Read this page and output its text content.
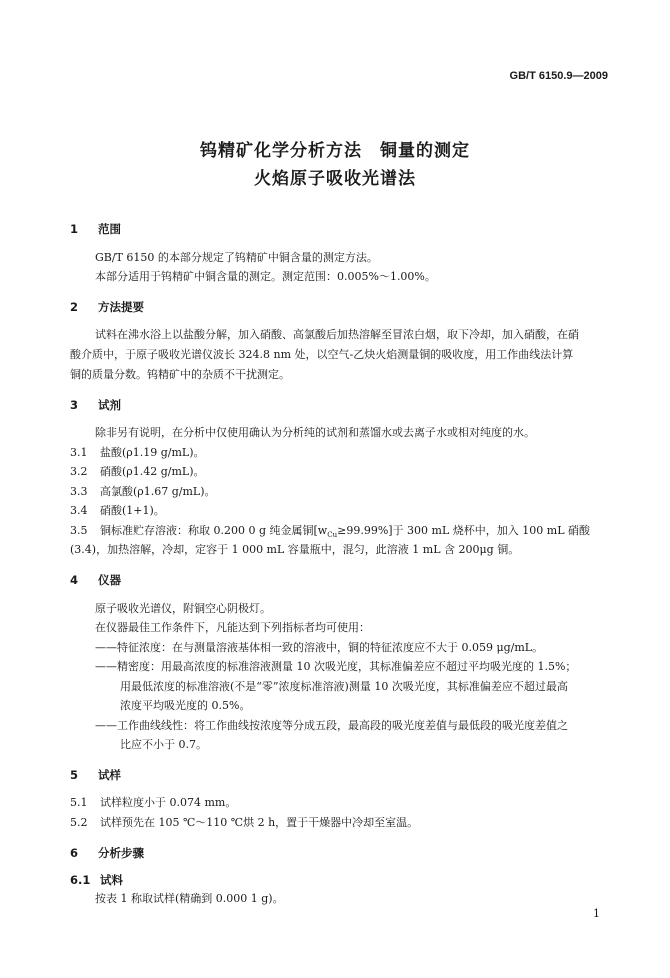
GB/T 6150.9—2009
钨精矿化学分析方法　铜量的测定
火焰原子吸收光谱法
1 范围
GB/T 6150 的本部分规定了钨精矿中铜含量的测定方法。
本部分适用于钨精矿中铜含量的测定。测定范围：0.005%～1.00%。
2 方法提要
试料在沸水浴上以盐酸分解，加入硝酸、高氯酸后加热溶解至冒浓白烟，取下冷却，加入硝酸，在硝
酸介质中，于原子吸收光谱仪波长 324.8 nm 处，以空气-乙炔火焰测量铜的吸收度，用工作曲线法计算
铜的质量分数。钨精矿中的杂质不干扰测定。
3 试剂
除非另有说明，在分析中仅使用确认为分析纯的试剂和蒸馏水或去离子水或相对纯度的水。
3.1 盐酸(ρ1.19 g/mL)。
3.2 硝酸(ρ1.42 g/mL)。
3.3 高氯酸(ρ1.67 g/mL)。
3.4 硝酸(1+1)。
3.5 铜标准贮存溶液：称取 0.200 0 g 纯金属铜$[w_{Cu}\ge 99.99\%]$于 300 mL 烧杯中，加入 100 mL 硝酸
(3.4)，加热溶解，冷却，定容于 1 000 mL 容量瓶中，混匀，此溶液 1 mL 含 200μg 铜。
4 仪器
原子吸收光谱仪，附铜空心阴极灯。
在仪器最佳工作条件下，凡能达到下列指标者均可使用：
——特征浓度：在与测量溶液基体相一致的溶液中，铜的特征浓度应不大于 0.059 μg/mL。
——精密度：用最高浓度的标准溶液测量 10 次吸光度，其标准偏差应不超过平均吸光度的 1.5%；
用最低浓度的标准溶液(不是“零”浓度标准溶液)测量 10 次吸光度，其标准偏差应不超过最高
浓度平均吸光度的 0.5%。
——工作曲线线性：将工作曲线按浓度等分成五段，最高段的吸光度差值与最低段的吸光度差值之
比应不小于 0.7。
5 试样
5.1 试样粒度小于 0.074 mm。
5.2 试样预先在 105 ℃～110 ℃烘 2 h，置于干燥器中冷却至室温。
6 分析步骤
6.1 试料
按表 1 称取试样(精确到 0.000 1 g)。
1
